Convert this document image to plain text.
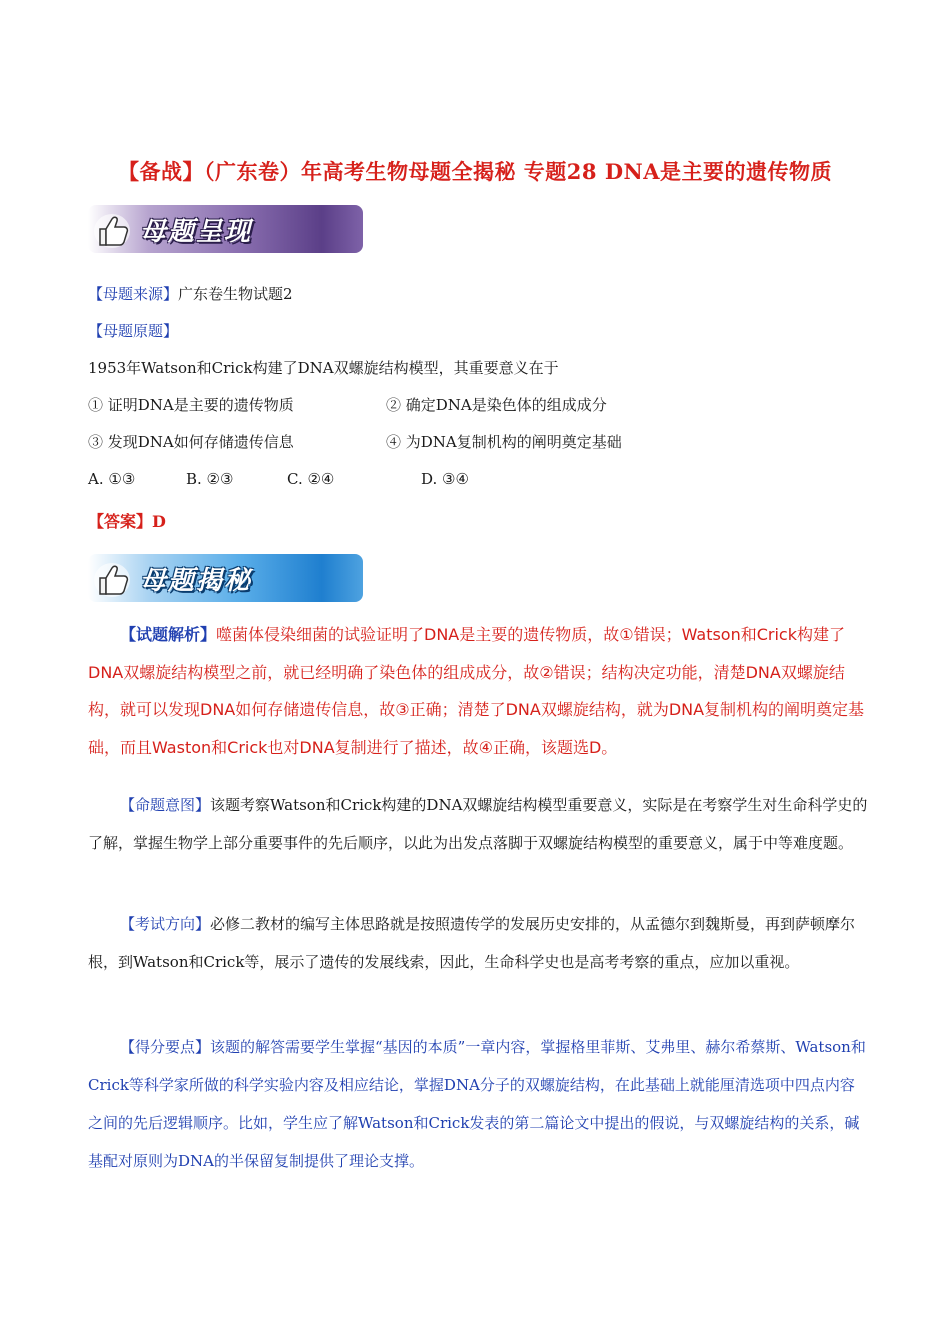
【备战】（广东卷）年高考生物母题全揭秘 专题28 DNA是主要的遗传物质
母题呈现
【母题来源】广东卷生物试题2
【母题原题】
1953年Watson和Crick构建了DNA双螺旋结构模型，其重要意义在于
① 证明DNA是主要的遗传物质	② 确定DNA是染色体的组成成分
③ 发现DNA如何存储遗传信息	④ 为DNA复制机构的阐明奠定基础
A. ①③	B. ②③	C. ②④	D. ③④
【答案】D
母题揭秘
【试题解析】噬菌体侵染细菌的试验证明了DNA是主要的遗传物质，故①错误；Watson和Crick构建了DNA双螺旋结构模型之前，就已经明确了染色体的组成成分，故②错误；结构决定功能，清楚DNA双螺旋结构，就可以发现DNA如何存储遗传信息，故③正确；清楚了DNA双螺旋结构，就为DNA复制机构的阐明奠定基础，而且Waston和Crick也对DNA复制进行了描述，故④正确，该题选D。
【命题意图】该题考察Watson和Crick构建的DNA双螺旋结构模型重要意义，实际是在考察学生对生命科学史的了解，掌握生物学上部分重要事件的先后顺序，以此为出发点落脚于双螺旋结构模型的重要意义，属于中等难度题。
【考试方向】必修二教材的编写主体思路就是按照遗传学的发展历史安排的，从孟德尔到魏斯曼，再到萨顿摩尔根，到Watson和Crick等，展示了遗传的发展线索，因此，生命科学史也是高考考察的重点，应加以重视。
【得分要点】该题的解答需要学生掌握“基因的本质”一章内容，掌握格里菲斯、艾弗里、赫尔希蔡斯、Watson和Crick等科学家所做的科学实验内容及相应结论，掌握DNA分子的双螺旋结构，在此基础上就能厘清选项中四点内容之间的先后逻辑顺序。比如，学生应了解Watson和Crick发表的第二篇论文中提出的假说，与双螺旋结构的关系，碱基配对原则为DNA的半保留复制提供了理论支撑。
